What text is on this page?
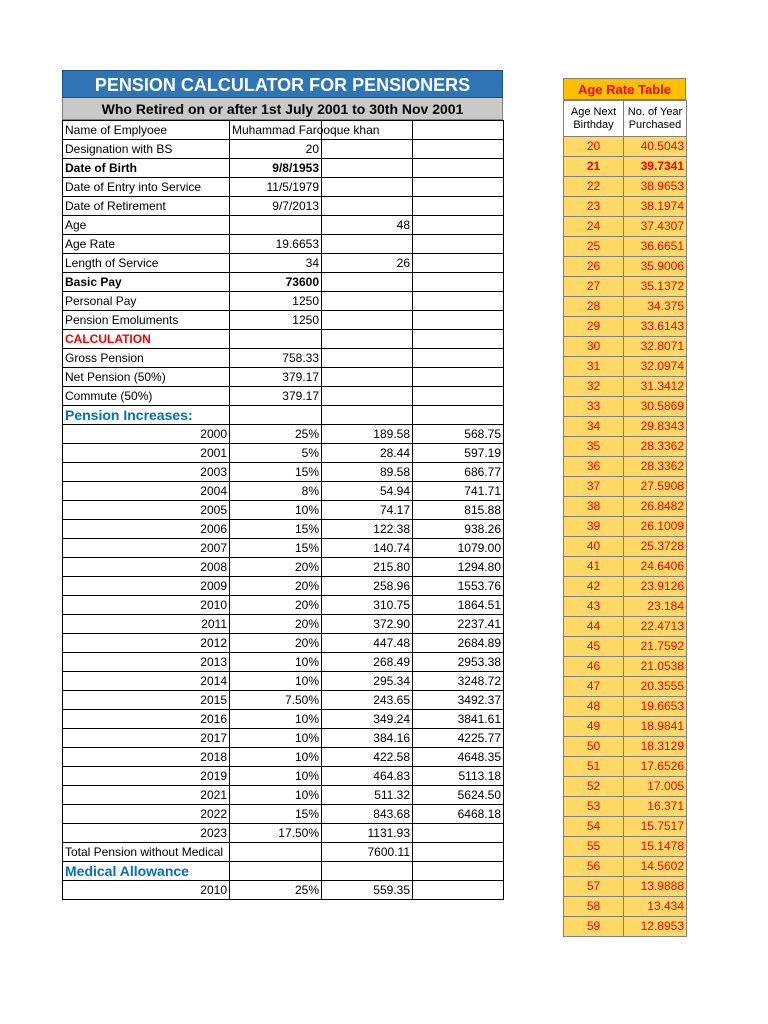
PENSION CALCULATOR FOR PENSIONERS
Who Retired on or after 1st July 2001 to 30th Nov 2001
Name of Emplyoee	Muhammad Farooque khan		
Designation with BS	20		
Date of Birth	9/8/1953		
Date of Entry into Service	11/5/1979		
Date of Retirement	9/7/2013		
Age		48	
Age Rate	19.6653		
Length of Service	34	26	
Basic Pay	73600		
Personal Pay	1250		
Pension Emoluments	1250		
CALCULATION			
Gross Pension	758.33		
Net Pension (50%)	379.17		
Commute (50%)	379.17		
Pension Increases:			
2000	25%	189.58	568.75
2001	5%	28.44	597.19
2003	15%	89.58	686.77
2004	8%	54.94	741.71
2005	10%	74.17	815.88
2006	15%	122.38	938.26
2007	15%	140.74	1079.00
2008	20%	215.80	1294.80
2009	20%	258.96	1553.76
2010	20%	310.75	1864.51
2011	20%	372.90	2237.41
2012	20%	447.48	2684.89
2013	10%	268.49	2953.38
2014	10%	295.34	3248.72
2015	7.50%	243.65	3492.37
2016	10%	349.24	3841.61
2017	10%	384.16	4225.77
2018	10%	422.58	4648.35
2019	10%	464.83	5113.18
2021	10%	511.32	5624.50
2022	15%	843.68	6468.18
2023	17.50%	1131.93	
Total Pension without Medical		7600.11	
Medical Allowance			
2010	25%	559.35	
Age Rate Table
Age Next Birthday	No. of Year Purchased
20	40.5043
21	39.7341
22	38.9653
23	38.1974
24	37.4307
25	36.6651
26	35.9006
27	35.1372
28	34.375
29	33.6143
30	32.8071
31	32.0974
32	31.3412
33	30.5869
34	29.8343
35	28.3362
36	28.3362
37	27.5908
38	26.8482
39	26.1009
40	25.3728
41	24.6406
42	23.9126
43	23.184
44	22.4713
45	21.7592
46	21.0538
47	20.3555
48	19.6653
49	18.9841
50	18.3129
51	17.6526
52	17.005
53	16.371
54	15.7517
55	15.1478
56	14.5602
57	13.9888
58	13.434
59	12.8953
